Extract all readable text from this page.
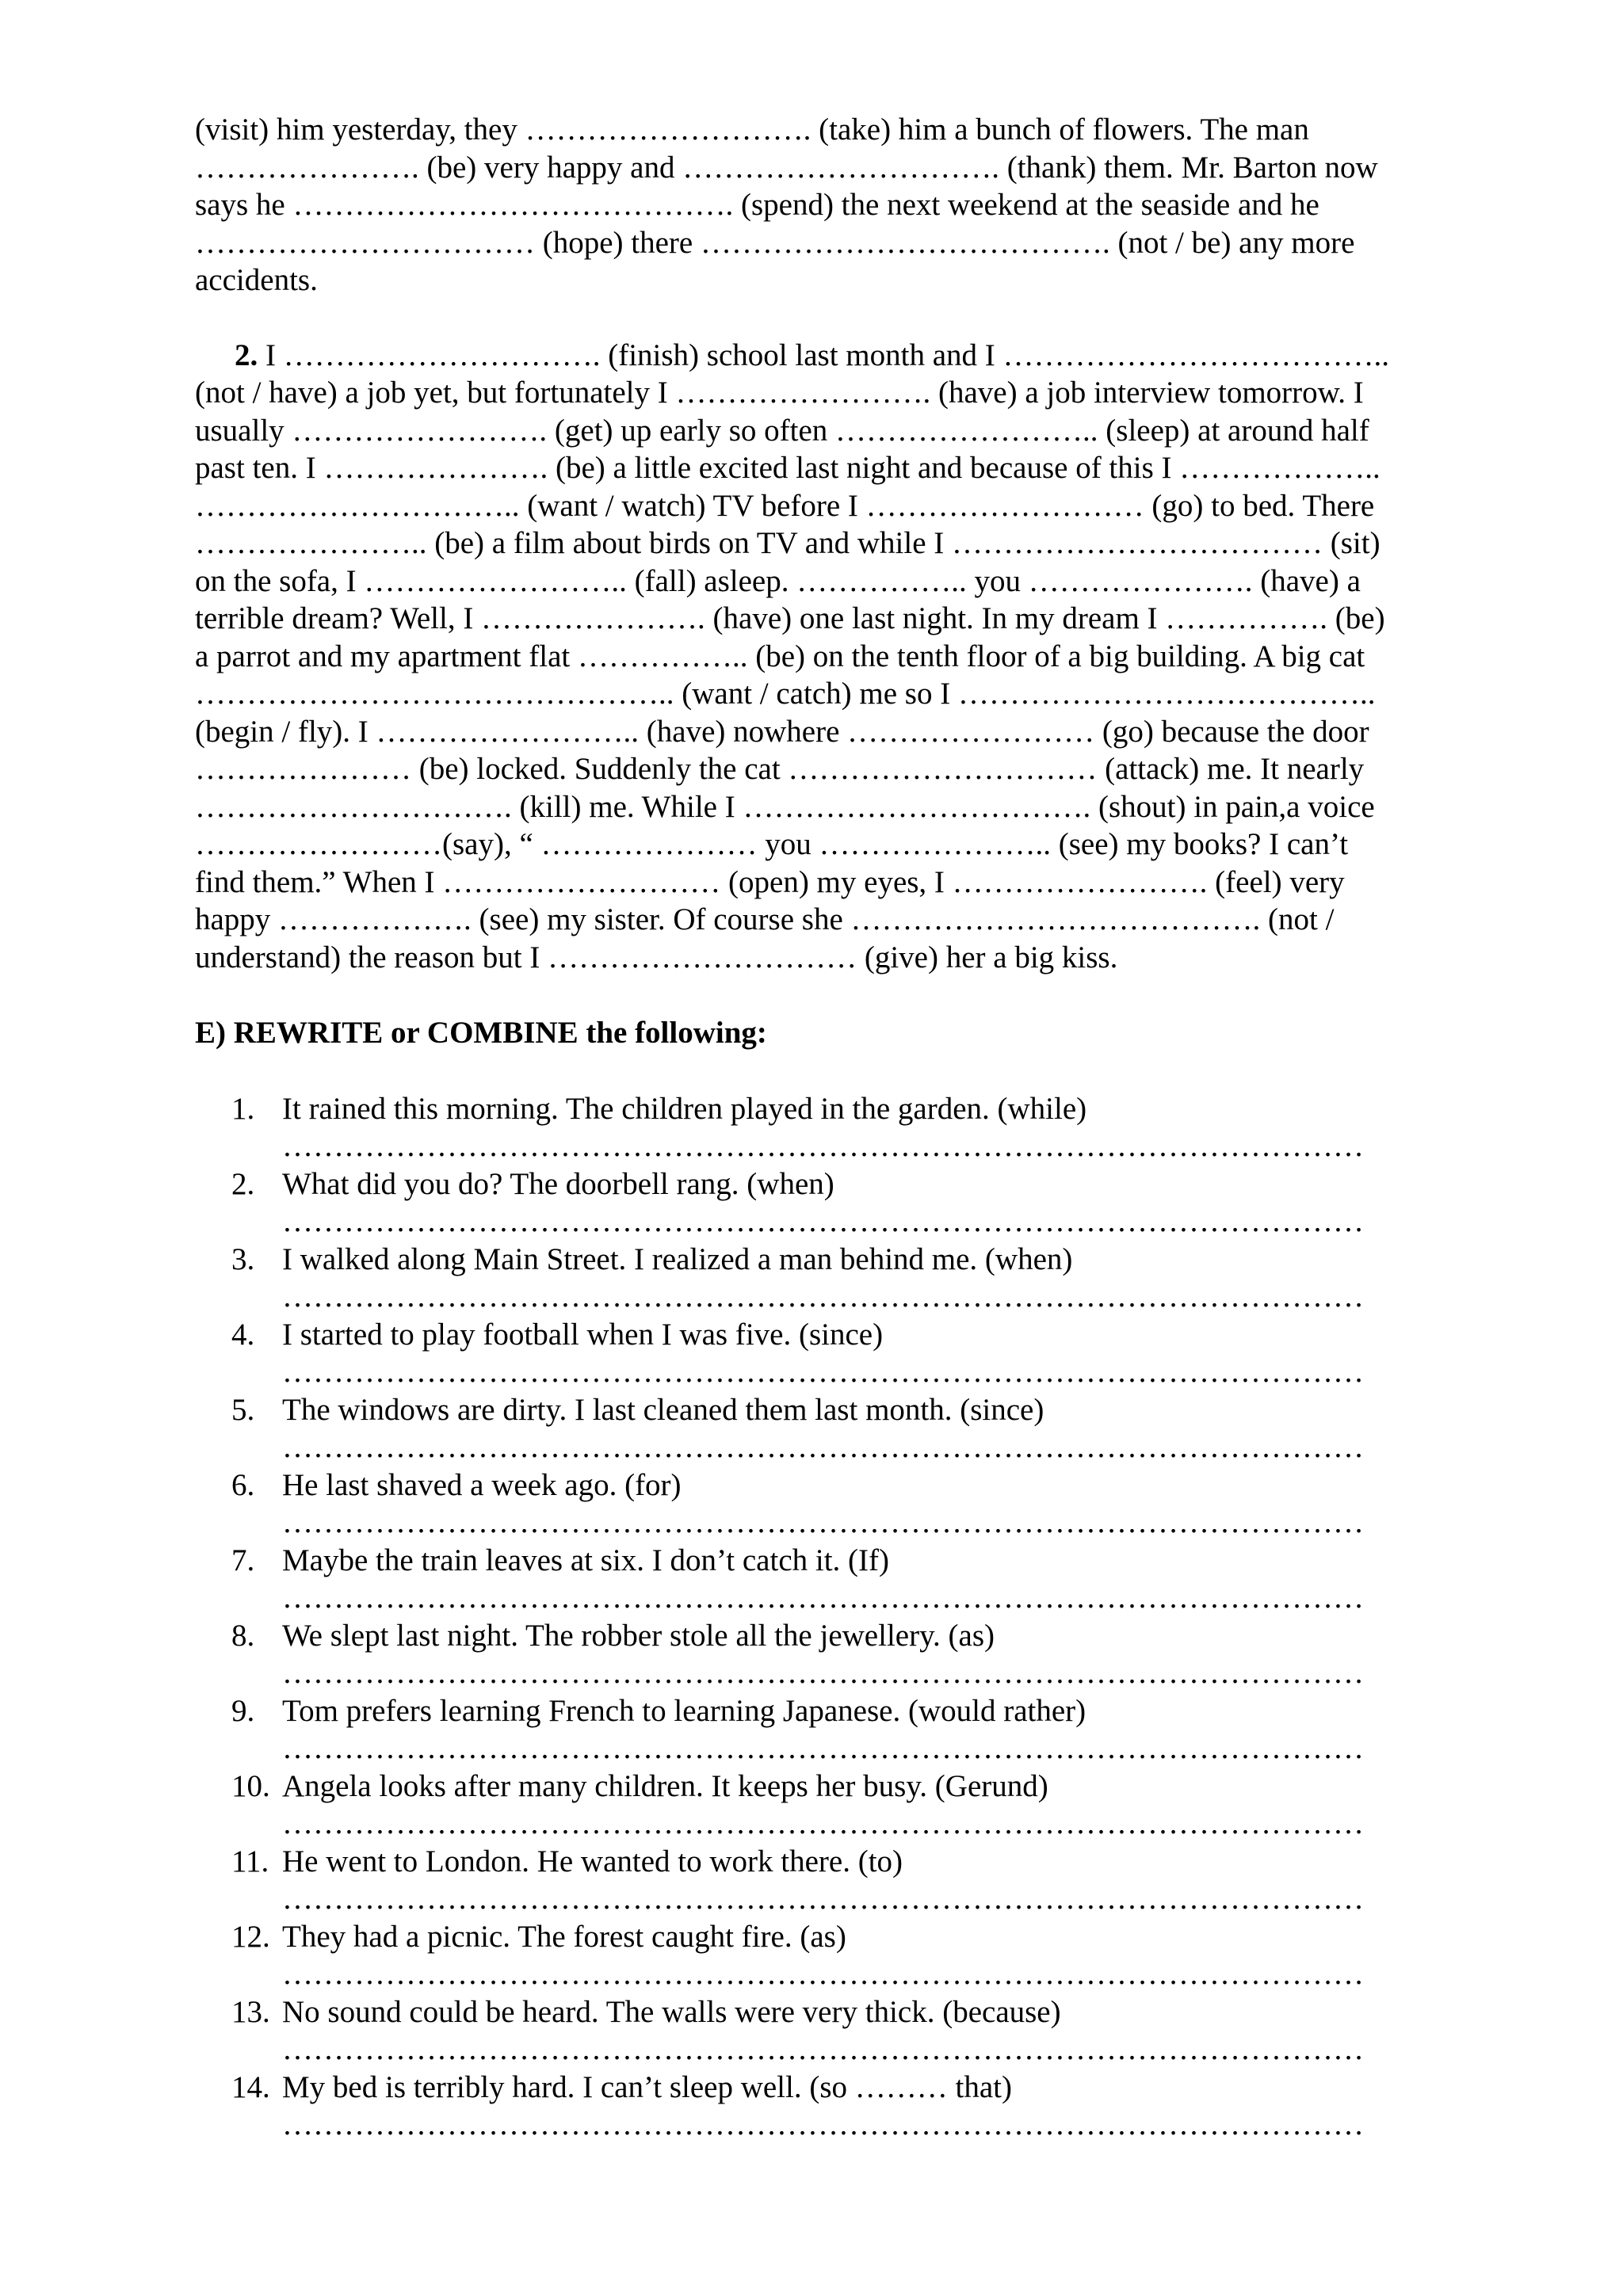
(visit) him yesterday, they ………………………. (take) him a bunch of flowers. The man
…………………. (be) very happy and …………………………. (thank) them. Mr. Barton now
says he ……………………………………. (spend) the next weekend at the seaside and he
…………………………… (hope) there …………………………………. (not / be) any more
accidents.

2. I …………………………. (finish) school last month and I ………………………………..
(not / have) a job yet, but fortunately I ……………………. (have) a job interview tomorrow. I
usually ……………………. (get) up early so often …………………….. (sleep) at around half
past ten. I …………………. (be) a little excited last night and because of this I ………………..
………………………….. (want / watch) TV before I ……………………… (go) to bed. There
………………….. (be) a film about birds on TV and while I ……………………………… (sit)
on the sofa, I …………………….. (fall) asleep. …………….. you …………………. (have) a
terrible dream? Well, I …………………. (have) one last night. In my dream I ……………. (be)
a parrot and my apartment flat …………….. (be) on the tenth floor of a big building. A big cat
……………………………………….. (want / catch) me so I …………………………………..
(begin / fly). I …………………….. (have) nowhere …………………… (go) because the door
………………… (be) locked. Suddenly the cat ………………………… (attack) me. It nearly
…………………………. (kill) me. While I ……………………………. (shout) in pain,a voice
……………………(say), “ ………………… you ………………….. (see) my books? I can’t
find them.” When I ……………………… (open) my eyes, I ……………………. (feel) very
happy ………………. (see) my sister. Of course she …………………………………. (not /
understand) the reason but I ………………………… (give) her a big kiss.

E) REWRITE or COMBINE the following:
1. It rained this morning. The children played in the garden. (while)
……………………………………………………………………………………………
2. What did you do? The doorbell rang. (when)
……………………………………………………………………………………………
3. I walked along Main Street. I realized a man behind me. (when)
……………………………………………………………………………………………
4. I started to play football when I was five. (since)
……………………………………………………………………………………………
5. The windows are dirty. I last cleaned them last month. (since)
……………………………………………………………………………………………
6. He last shaved a week ago. (for)
……………………………………………………………………………………………
7. Maybe the train leaves at six. I don’t catch it. (If)
……………………………………………………………………………………………
8. We slept last night. The robber stole all the jewellery. (as)
……………………………………………………………………………………………
9. Tom prefers learning French to learning Japanese. (would rather)
……………………………………………………………………………………………
10. Angela looks after many children. It keeps her busy. (Gerund)
……………………………………………………………………………………………
11. He went to London. He wanted to work there. (to)
……………………………………………………………………………………………
12. They had a picnic. The forest caught fire. (as)
……………………………………………………………………………………………
13. No sound could be heard. The walls were very thick. (because)
……………………………………………………………………………………………
14. My bed is terribly hard. I can’t sleep well. (so ……… that)
……………………………………………………………………………………………
